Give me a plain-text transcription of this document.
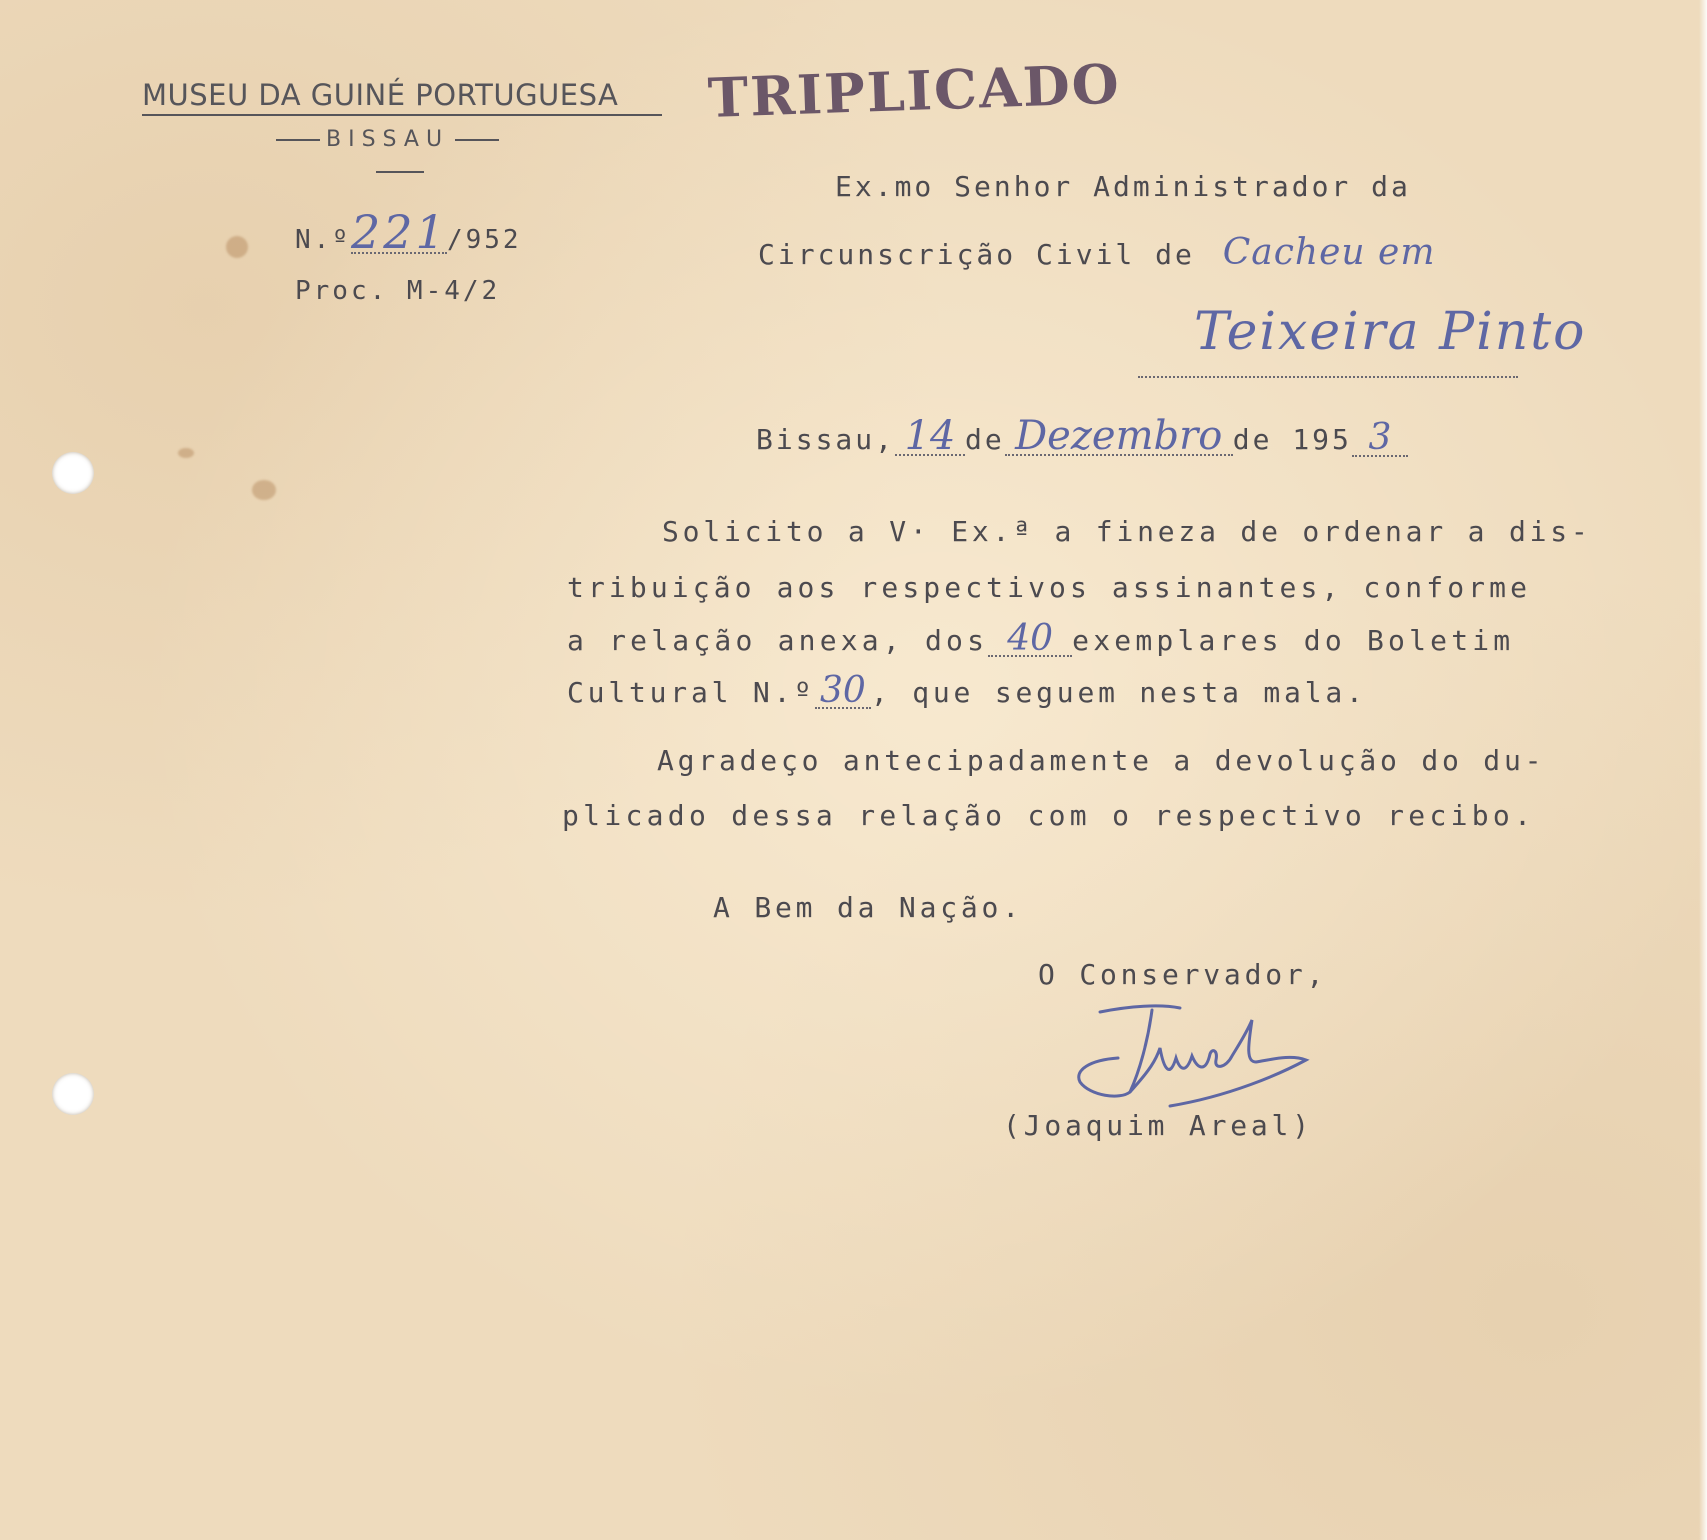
MUSEU DA GUINÉ PORTUGUESA
BISSAU
TRIPLICADO
N.º221/952
Proc. M-4/2
Ex.mo Senhor Administrador da
Circunscrição Civil de Cacheu em
Teixeira Pinto
Bissau, 14 de Dezembro de 195 3
Solicito a V· Ex.ª a fineza de ordenar a dis-
tribuição aos respectivos assinantes, conforme
a relação anexa, dos 40 exemplares do Boletim
Cultural N.º 30 , que seguem nesta mala.
Agradeço antecipadamente a devolução do du-
plicado dessa relação com o respectivo recibo.
A Bem da Nação.
O Conservador,
(Joaquim Areal)
